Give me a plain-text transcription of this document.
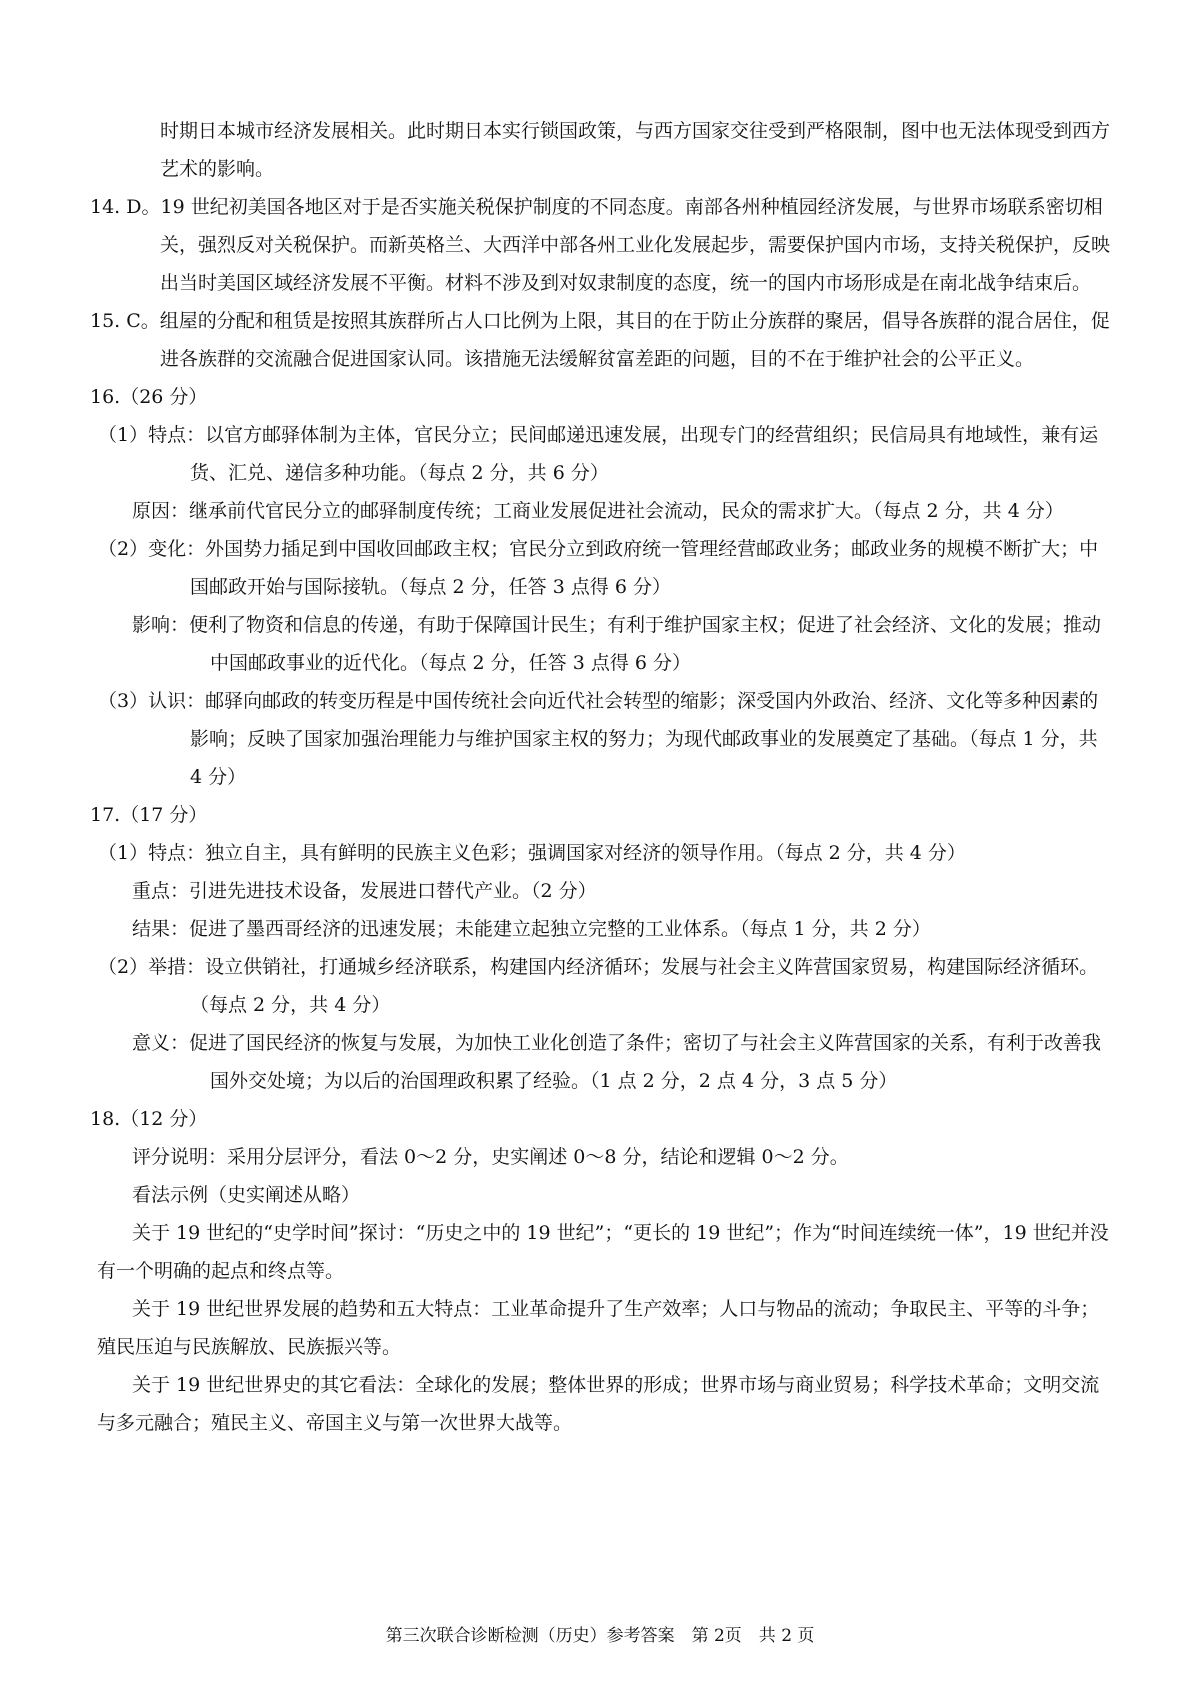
时期日本城市经济发展相关。此时期日本实行锁国政策，与西方国家交往受到严格限制，图中也无法体现受到西方艺术的影响。

14. D。19 世纪初美国各地区对于是否实施关税保护制度的不同态度。南部各州种植园经济发展，与世界市场联系密切相关，强烈反对关税保护。而新英格兰、大西洋中部各州工业化发展起步，需要保护国内市场，支持关税保护，反映出当时美国区域经济发展不平衡。材料不涉及到对奴隶制度的态度，统一的国内市场形成是在南北战争结束后。

15. C。组屋的分配和租赁是按照其族群所占人口比例为上限，其目的在于防止分族群的聚居，倡导各族群的混合居住，促进各族群的交流融合促进国家认同。该措施无法缓解贫富差距的问题，目的不在于维护社会的公平正义。

16.（26 分）

（1）特点：以官方邮驿体制为主体，官民分立；民间邮递迅速发展，出现专门的经营组织；民信局具有地域性，兼有运货、汇兑、递信多种功能。（每点 2 分，共 6 分）

原因：继承前代官民分立的邮驿制度传统；工商业发展促进社会流动，民众的需求扩大。（每点 2 分，共 4 分）

（2）变化：外国势力插足到中国收回邮政主权；官民分立到政府统一管理经营邮政业务；邮政业务的规模不断扩大；中国邮政开始与国际接轨。（每点 2 分，任答 3 点得 6 分）

影响：便利了物资和信息的传递，有助于保障国计民生；有利于维护国家主权；促进了社会经济、文化的发展；推动中国邮政事业的近代化。（每点 2 分，任答 3 点得 6 分）

（3）认识：邮驿向邮政的转变历程是中国传统社会向近代社会转型的缩影；深受国内外政治、经济、文化等多种因素的影响；反映了国家加强治理能力与维护国家主权的努力；为现代邮政事业的发展奠定了基础。（每点 1 分，共 4 分）

17.（17 分）

（1）特点：独立自主，具有鲜明的民族主义色彩；强调国家对经济的领导作用。（每点 2 分，共 4 分）

重点：引进先进技术设备，发展进口替代产业。（2 分）

结果：促进了墨西哥经济的迅速发展；未能建立起独立完整的工业体系。（每点 1 分，共 2 分）

（2）举措：设立供销社，打通城乡经济联系，构建国内经济循环；发展与社会主义阵营国家贸易，构建国际经济循环。（每点 2 分，共 4 分）

意义：促进了国民经济的恢复与发展，为加快工业化创造了条件；密切了与社会主义阵营国家的关系，有利于改善我国外交处境；为以后的治国理政积累了经验。（1 点 2 分，2 点 4 分，3 点 5 分）

18.（12 分）

评分说明：采用分层评分，看法 0～2 分，史实阐述 0～8 分，结论和逻辑 0～2 分。

看法示例（史实阐述从略）

关于 19 世纪的“史学时间”探讨：“历史之中的 19 世纪”；“更长的 19 世纪”；作为“时间连续统一体”，19 世纪并没有一个明确的起点和终点等。

关于 19 世纪世界发展的趋势和五大特点：工业革命提升了生产效率；人口与物品的流动；争取民主、平等的斗争；殖民压迫与民族解放、民族振兴等。

关于 19 世纪世界史的其它看法：全球化的发展；整体世界的形成；世界市场与商业贸易；科学技术革命；文明交流与多元融合；殖民主义、帝国主义与第一次世界大战等。

第三次联合诊断检测（历史）参考答案　第 2页　共 2 页
